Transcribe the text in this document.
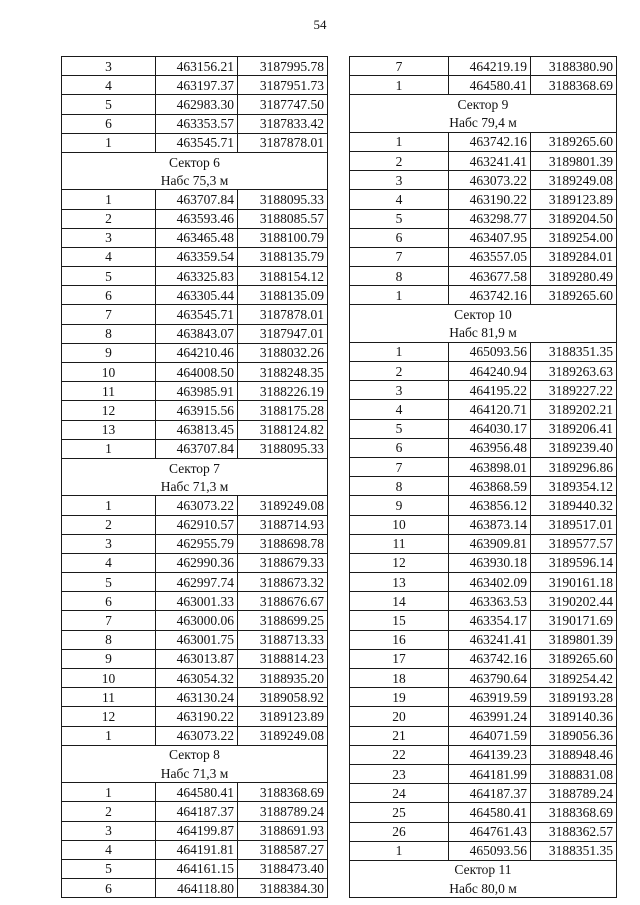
54
3	463156.21	3187995.78
4	463197.37	3187951.73
5	462983.30	3187747.50
6	463353.57	3187833.42
1	463545.71	3187878.01
Сектор 6		
Набс 75,3 м		
1	463707.84	3188095.33
2	463593.46	3188085.57
3	463465.48	3188100.79
4	463359.54	3188135.79
5	463325.83	3188154.12
6	463305.44	3188135.09
7	463545.71	3187878.01
8	463843.07	3187947.01
9	464210.46	3188032.26
10	464008.50	3188248.35
11	463985.91	3188226.19
12	463915.56	3188175.28
13	463813.45	3188124.82
1	463707.84	3188095.33
Сектор 7		
Набс 71,3 м		
1	463073.22	3189249.08
2	462910.57	3188714.93
3	462955.79	3188698.78
4	462990.36	3188679.33
5	462997.74	3188673.32
6	463001.33	3188676.67
7	463000.06	3188699.25
8	463001.75	3188713.33
9	463013.87	3188814.23
10	463054.32	3188935.20
11	463130.24	3189058.92
12	463190.22	3189123.89
1	463073.22	3189249.08
Сектор 8		
Набс 71,3 м		
1	464580.41	3188368.69
2	464187.37	3188789.24
3	464199.87	3188691.93
4	464191.81	3188587.27
5	464161.15	3188473.40
6	464118.80	3188384.30
7	464219.19	3188380.90
1	464580.41	3188368.69
Сектор 9		
Набс 79,4 м		
1	463742.16	3189265.60
2	463241.41	3189801.39
3	463073.22	3189249.08
4	463190.22	3189123.89
5	463298.77	3189204.50
6	463407.95	3189254.00
7	463557.05	3189284.01
8	463677.58	3189280.49
1	463742.16	3189265.60
Сектор 10		
Набс 81,9 м		
1	465093.56	3188351.35
2	464240.94	3189263.63
3	464195.22	3189227.22
4	464120.71	3189202.21
5	464030.17	3189206.41
6	463956.48	3189239.40
7	463898.01	3189296.86
8	463868.59	3189354.12
9	463856.12	3189440.32
10	463873.14	3189517.01
11	463909.81	3189577.57
12	463930.18	3189596.14
13	463402.09	3190161.18
14	463363.53	3190202.44
15	463354.17	3190171.69
16	463241.41	3189801.39
17	463742.16	3189265.60
18	463790.64	3189254.42
19	463919.59	3189193.28
20	463991.24	3189140.36
21	464071.59	3189056.36
22	464139.23	3188948.46
23	464181.99	3188831.08
24	464187.37	3188789.24
25	464580.41	3188368.69
26	464761.43	3188362.57
1	465093.56	3188351.35
Сектор 11		
Набс 80,0 м		
